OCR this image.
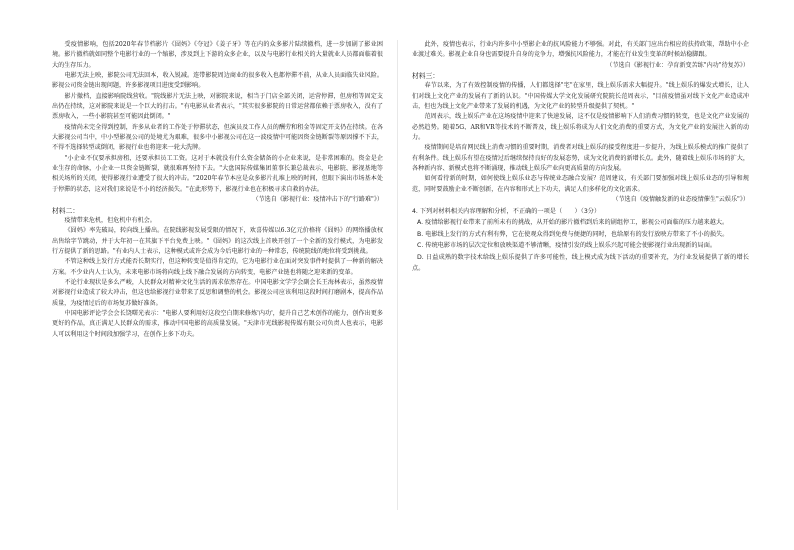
受疫情影响，包括2020年春节档影片《囧妈》《夺冠》《姜子牙》等在内的众多影片陆续撤档，进一步加剧了影业困境。影片撤档就如同整个电影行业的一个缩影，涉及到上下游的众多企业，以及与电影行业相关的大量就业人员都面临着很大的生存压力。

电影无法上映，影院公司无法回本，收入锐减。连带影院周边商业的很多收入也都停滞不前，从业人员面临失业风险。影视公司资金链出现问题，许多影视项目进度受到影响。

影片撤档，直接影响院线营收。"院线影片无法上映，对影院来说，相当于门店全部关闭，运营停滞，但房租等固定支出仍在持续，这对影院来说是一个巨大的打击。"有电影从业者表示，"其实很多影院的日常运营都依赖于票房收入，没有了票房收入，一些小影院甚至可能因此倒闭。"

疫情尚未完全得到控制，许多从业者的工作处于停滞状态，但演员及工作人员的酬劳和租金等固定开支仍在持续。在各大影视公司当中，中小型影视公司的处境尤为艰难，很多中小影视公司在这一波疫情中可能因资金链断裂等原因撑不下去，不得不选择转型或倒闭，影视行业也将迎来一轮大洗牌。

"小企业不仅要承担房租，还要承担员工工资。这对于本就没有什么资金储备的小企业来说，是非常困难的。资金是企业生存的命脉，小企业一旦资金链断裂，就很难再坚持下去。"大盘国际传媒集团董事长兼总裁表示，电影院、影视基地等相关场所的关闭，使得影视行业遭受了很大的冲击。"2020年春节本应是众多影片扎堆上映的时间，但眼下演出市场基本处于停滞的状态，这对我们来说是不小的经济损失。"在此形势下，影视行业也在积极寻求自救的办法。

（节选自《影视行业：疫情冲击下的"行路难"》）

材料二：

疫情带来危机，但危机中有机会。

《囧妈》率先破局，转向线上播出。在院线影视发展受限的情况下，欢喜传媒以6.3亿元价格将《囧妈》的网络播放权出售给字节跳动，并于大年初一在其旗下平台免费上映。"《囧妈》的这次线上首映开创了一个全新的发行模式，为电影发行方提供了新的思路。"有业内人士表示，这种模式或许会成为今后电影行业的一种常态，传统院线的地位将受到挑战。

不管这种线上发行方式能否长期实行，但这种转变是值得肯定的，它为电影行业在面对突发事件时提供了一种新的解决方案。不少业内人士认为，未来电影市场将向线上线下融合发展的方向转变，电影产业链也将随之迎来新的变革。

不论行业现状是多么严峻，人民群众对精神文化生活的需求依然存在。中国电影文学学会副会长王海林表示，虽然疫情对影视行业造成了较大冲击，但这也给影视行业带来了反思和调整的机会。影视公司应该利用这段时间打磨剧本，提高作品质量，为疫情过后的市场复苏做好准备。

中国电影评论学会会长饶曙光表示："电影人要利用好这段空白期来修炼'内功'，提升自己艺术创作的能力，创作出更多更好的作品，真正满足人民群众的需求，推动中国电影的高质量发展。"天津市光线影视传媒有限公司负责人也表示，电影人可以利用这个时间段加强学习，在创作上多下功夫。

此外，疫情也表示，行业内许多中小型影企业的抗风险能力不够强。对此，有关部门应出台相应的扶持政策，帮助中小企业渡过难关。影视企业自身也需要提升自身的竞争力，增强抗风险能力，才能在行业发生变革的时候站稳脚跟。

（节选自《影视行业：孕育新变苦练"内功"待复苏》）

材料三：

春节以来，为了有效控制疫情的传播，人们都选择"宅"在家里，线上娱乐需求大幅提升。"线上娱乐的爆发式增长，让人们对线上文化产业的发展有了新的认识。"中国传媒大学文化发展研究院院长范周表示，"目前疫情虽对线下文化产业造成冲击，但也为线上文化产业带来了发展的机遇，为文化产业的转型升级提供了契机。"

范周表示，线上娱乐产业在这场疫情中迎来了快速发展，这不仅是疫情影响下人们消费习惯的转变，也是文化产业发展的必然趋势。随着5G、AR和VR等技术的不断普及，线上娱乐将成为人们文化消费的重要方式，为文化产业的发展注入新的动力。

疫情期间是培育网民线上消费习惯的重要时期，消费者对线上娱乐的接受程度进一步提升，为线上娱乐模式的推广提供了有利条件。线上娱乐有望在疫情过后继续保持良好的发展态势，成为文化消费的新增长点。此外，随着线上娱乐市场的扩大，各种新内容、新模式也将不断涌现，推动线上娱乐产业向更高质量的方向发展。

如何看待新的时期，如何使线上娱乐业态与传统业态融合发展？范周建议，有关部门要加强对线上娱乐业态的引导和规范，同时要鼓励企业不断创新，在内容和形式上下功夫，满足人们多样化的文化需求。

（节选自《疫情触发新的业态疫情催生"云娱乐"》）

4. 下列对材料相关内容理解和分析，不正确的一项是（　　）（3分）

A. 疫情给影视行业带来了前所未有的挑战，从开始的影片撤档到后来的剧组停工，影视公司面临的压力越来越大。

B. 电影线上发行的方式有利有弊，它在使观众得到免费与便捷的同时，也给原有的发行放映方带来了不小的损失。

C. 传统电影市场的层次定位和放映渠道不够清晰，疫情引发的线上娱乐兴起可能会使影视行业出现新的局面。

D. 日益成熟的数字技术给线上娱乐提供了许多可能性，线上模式成为线下活动的重要补充，为行业发展提供了新的增长点。
